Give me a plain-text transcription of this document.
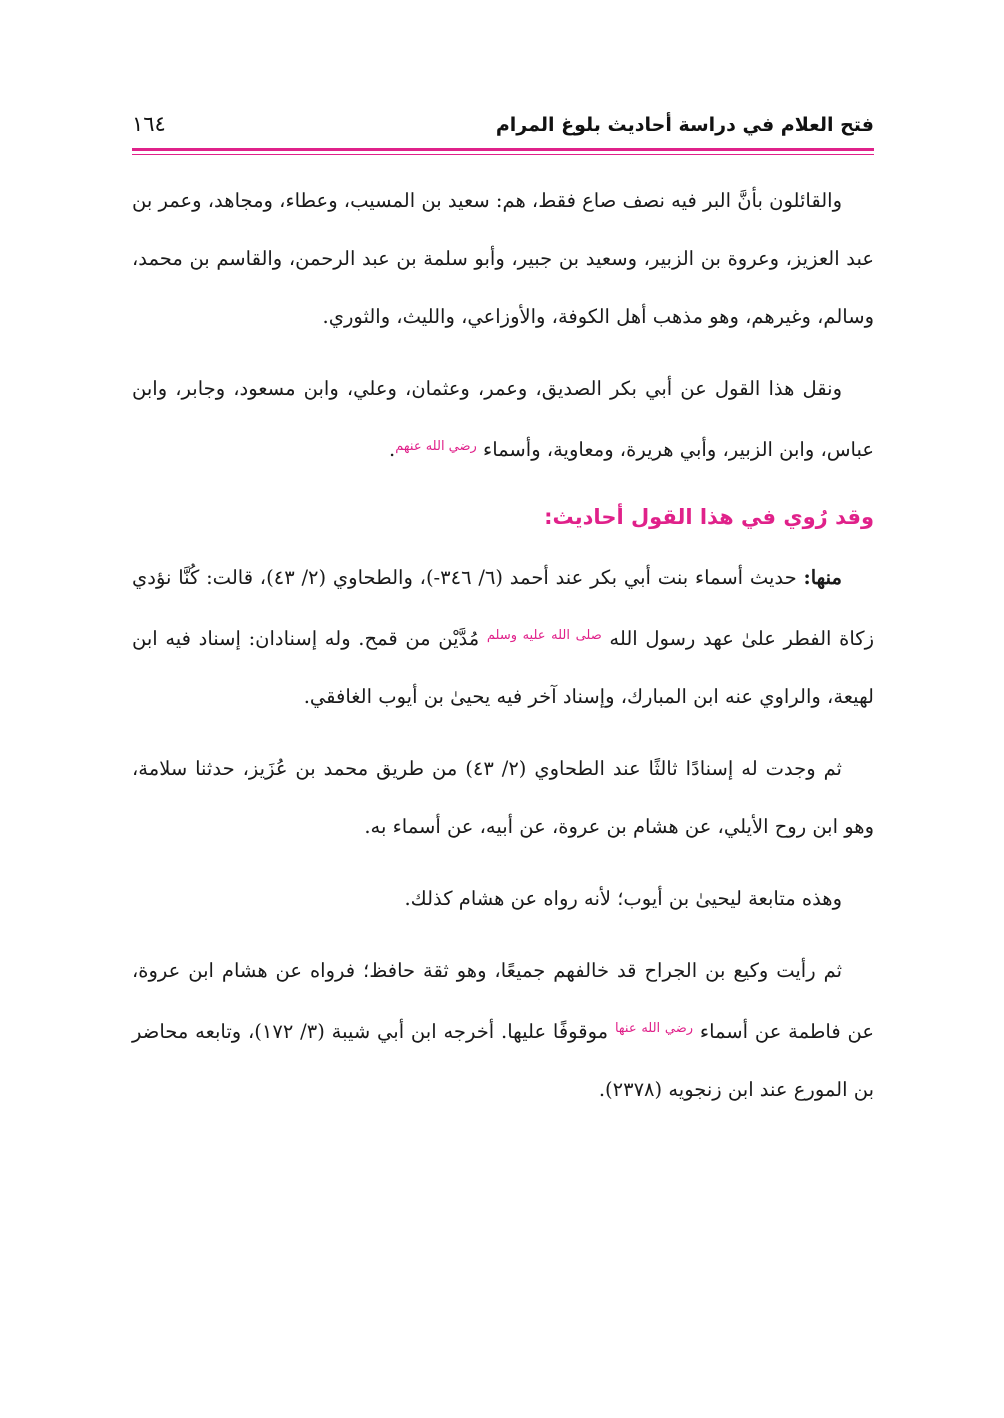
فتح العلام في دراسة أحاديث بلوغ المرام
١٦٤

والقائلون بأنَّ البر فيه نصف صاع فقط، هم: سعيد بن المسيب، وعطاء، ومجاهد، وعمر بن عبد العزيز، وعروة بن الزبير، وسعيد بن جبير، وأبو سلمة بن عبد الرحمن، والقاسم بن محمد، وسالم، وغيرهم، وهو مذهب أهل الكوفة، والأوزاعي، والليث، والثوري.

ونقل هذا القول عن أبي بكر الصديق، وعمر، وعثمان، وعلي، وابن مسعود، وجابر، وابن عباس، وابن الزبير، وأبي هريرة، ومعاوية، وأسماء $^{رضي الله عنهم}$.

وقد رُوي في هذا القول أحاديث:

منها: حديث أسماء بنت أبي بكر عند أحمد (٦/ ٣٤٦-)، والطحاوي (٢/ ٤٣)، قالت: كُنَّا نؤدي زكاة الفطر علىٰ عهد رسول الله $^{صلى الله عليه وسلم}$ مُدَّيْن من قمح. وله إسنادان: إسناد فيه ابن لهيعة، والراوي عنه ابن المبارك، وإسناد آخر فيه يحيىٰ بن أيوب الغافقي.

ثم وجدت له إسنادًا ثالثًا عند الطحاوي (٢/ ٤٣) من طريق محمد بن عُزَيز، حدثنا سلامة، وهو ابن روح الأيلي، عن هشام بن عروة، عن أبيه، عن أسماء به.

وهذه متابعة ليحيىٰ بن أيوب؛ لأنه رواه عن هشام كذلك.

ثم رأيت وكيع بن الجراح قد خالفهم جميعًا، وهو ثقة حافظ؛ فرواه عن هشام ابن عروة، عن فاطمة عن أسماء $^{رضي الله عنها}$ موقوفًا عليها. أخرجه ابن أبي شيبة (٣/ ١٧٢)، وتابعه محاضر بن المورع عند ابن زنجويه (٢٣٧٨).
